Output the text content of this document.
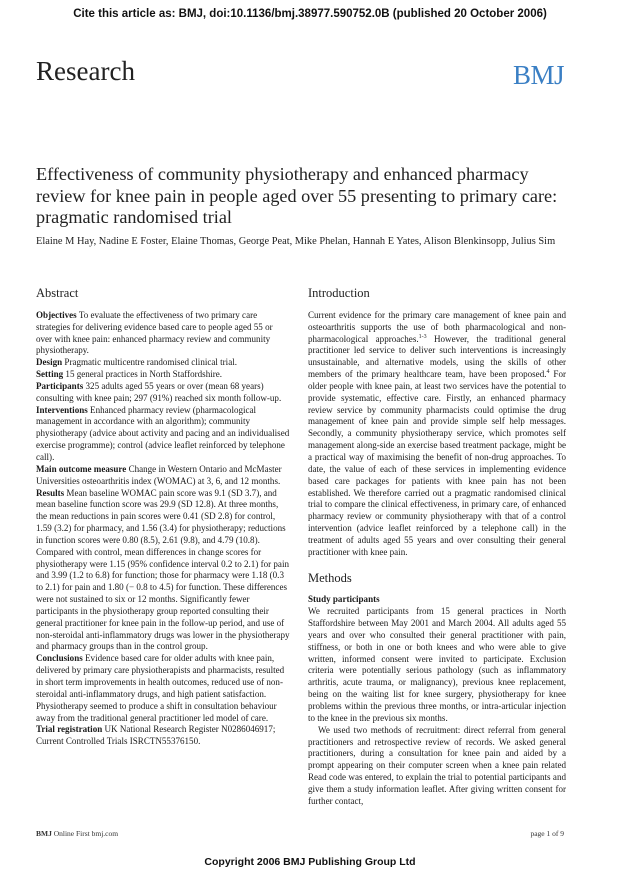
Cite this article as: BMJ, doi:10.1136/bmj.38977.590752.0B (published 20 October 2006)
Research	BMJ
Effectiveness of community physiotherapy and enhanced pharmacy review for knee pain in people aged over 55 presenting to primary care: pragmatic randomised trial
Elaine M Hay, Nadine E Foster, Elaine Thomas, George Peat, Mike Phelan, Hannah E Yates, Alison Blenkinsopp, Julius Sim
Abstract

Objectives To evaluate the effectiveness of two primary care strategies for delivering evidence based care to people aged 55 or over with knee pain: enhanced pharmacy review and community physiotherapy.

Design Pragmatic multicentre randomised clinical trial.

Setting 15 general practices in North Staffordshire.

Participants 325 adults aged 55 years or over (mean 68 years) consulting with knee pain; 297 (91%) reached six month follow-up.

Interventions Enhanced pharmacy review (pharmacological management in accordance with an algorithm); community physiotherapy (advice about activity and pacing and an individualised exercise programme); control (advice leaflet reinforced by telephone call).

Main outcome measure Change in Western Ontario and McMaster Universities osteoarthritis index (WOMAC) at 3, 6, and 12 months.

Results Mean baseline WOMAC pain score was 9.1 (SD 3.7), and mean baseline function score was 29.9 (SD 12.8). At three months, the mean reductions in pain scores were 0.41 (SD 2.8) for control, 1.59 (3.2) for pharmacy, and 1.56 (3.4) for physiotherapy; reductions in function scores were 0.80 (8.5), 2.61 (9.8), and 4.79 (10.8). Compared with control, mean differences in change scores for physiotherapy were 1.15 (95% confidence interval 0.2 to 2.1) for pain and 3.99 (1.2 to 6.8) for function; those for pharmacy were 1.18 (0.3 to 2.1) for pain and 1.80 (− 0.8 to 4.5) for function. These differences were not sustained to six or 12 months. Significantly fewer participants in the physiotherapy group reported consulting their general practitioner for knee pain in the follow-up period, and use of non-steroidal anti-inflammatory drugs was lower in the physiotherapy and pharmacy groups than in the control group.

Conclusions Evidence based care for older adults with knee pain, delivered by primary care physiotherapists and pharmacists, resulted in short term improvements in health outcomes, reduced use of non-steroidal anti-inflammatory drugs, and high patient satisfaction. Physiotherapy seemed to produce a shift in consultation behaviour away from the traditional general practitioner led model of care.

Trial registration UK National Research Register N0286046917; Current Controlled Trials ISRCTN55376150.

Introduction

Current evidence for the primary care management of knee pain and osteoarthritis supports the use of both pharmacological and non-pharmacological approaches.$^{1-3}$ However, the traditional general practitioner led service to deliver such interventions is increasingly unsustainable, and alternative models, using the skills of other members of the primary healthcare team, have been proposed.$^4$ For older people with knee pain, at least two services have the potential to provide systematic, effective care. Firstly, an enhanced pharmacy review service by community pharmacists could optimise the drug management of knee pain and provide simple self help messages. Secondly, a community physiotherapy service, which promotes self management along-side an exercise based treatment package, might be a practical way of maximising the benefit of non-drug approaches. To date, the value of each of these services in implementing evidence based care packages for patients with knee pain has not been established. We therefore carried out a pragmatic randomised clinical trial to compare the clinical effectiveness, in primary care, of enhanced pharmacy review or community physiotherapy with that of a control intervention (advice leaflet reinforced by a telephone call) in the treatment of adults aged 55 years and over consulting their general practitioner with knee pain.

Methods

Study participants

We recruited participants from 15 general practices in North Staffordshire between May 2001 and March 2004. All adults aged 55 years and over who consulted their general practitioner with pain, stiffness, or both in one or both knees and who were able to give written, informed consent were invited to participate. Exclusion criteria were potentially serious pathology (such as inflammatory arthritis, acute trauma, or malignancy), previous knee replacement, being on the waiting list for knee surgery, physiotherapy for knee problems within the previous three months, or intra-articular injection to the knee in the previous six months.

We used two methods of recruitment: direct referral from general practitioners and retrospective review of records. We asked general practitioners, during a consultation for knee pain and aided by a prompt appearing on their computer screen when a knee pain related Read code was entered, to explain the trial to potential participants and give them a study information leaflet. After giving written consent for further contact,

BMJ Online First bmj.com	page 1 of 9
Copyright 2006 BMJ Publishing Group Ltd
